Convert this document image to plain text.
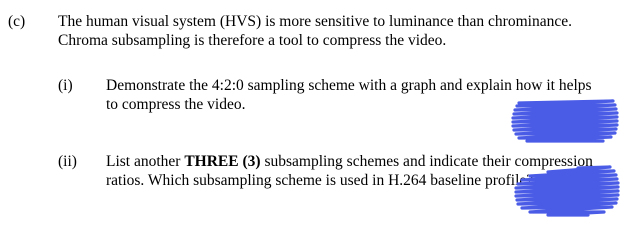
(c) The human visual system (HVS) is more sensitive to luminance than chrominance.
Chroma subsampling is therefore a tool to compress the video.
(i) Demonstrate the 4:2:0 sampling scheme with a graph and explain how it helps
to compress the video.
(ii) List another THREE (3) subsampling schemes and indicate their compression
ratios. Which subsampling scheme is used in H.264 baseline profile?
